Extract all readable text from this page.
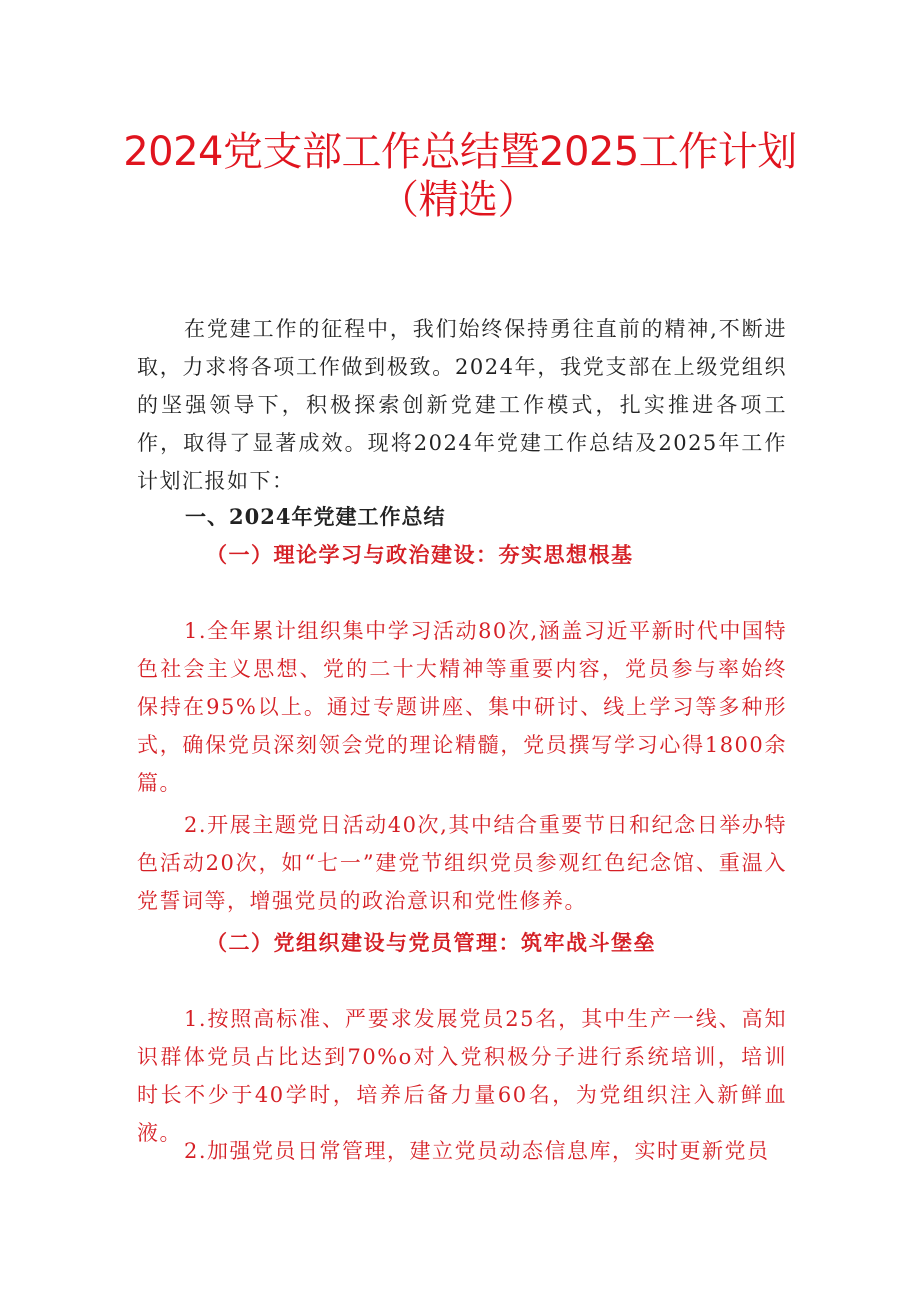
2024党支部工作总结暨2025工作计划
（精选）

在党建工作的征程中，我们始终保持勇往直前的精神,不断进取，力求将各项工作做到极致。2024年，我党支部在上级党组织的坚强领导下，积极探索创新党建工作模式，扎实推进各项工作，取得了显著成效。现将2024年党建工作总结及2025年工作计划汇报如下：

一、2024年党建工作总结

（一）理论学习与政治建设：夯实思想根基

1.全年累计组织集中学习活动80次,涵盖习近平新时代中国特色社会主义思想、党的二十大精神等重要内容，党员参与率始终保持在95%以上。通过专题讲座、集中研讨、线上学习等多种形式，确保党员深刻领会党的理论精髓，党员撰写学习心得1800余篇。

2.开展主题党日活动40次,其中结合重要节日和纪念日举办特色活动20次，如“七一”建党节组织党员参观红色纪念馆、重温入党誓词等，增强党员的政治意识和党性修养。

（二）党组织建设与党员管理：筑牢战斗堡垒

1.按照高标准、严要求发展党员25名，其中生产一线、高知识群体党员占比达到70%o对入党积极分子进行系统培训，培训时长不少于40学时，培养后备力量60名，为党组织注入新鲜血液。

2.加强党员日常管理，建立党员动态信息库，实时更新党员
